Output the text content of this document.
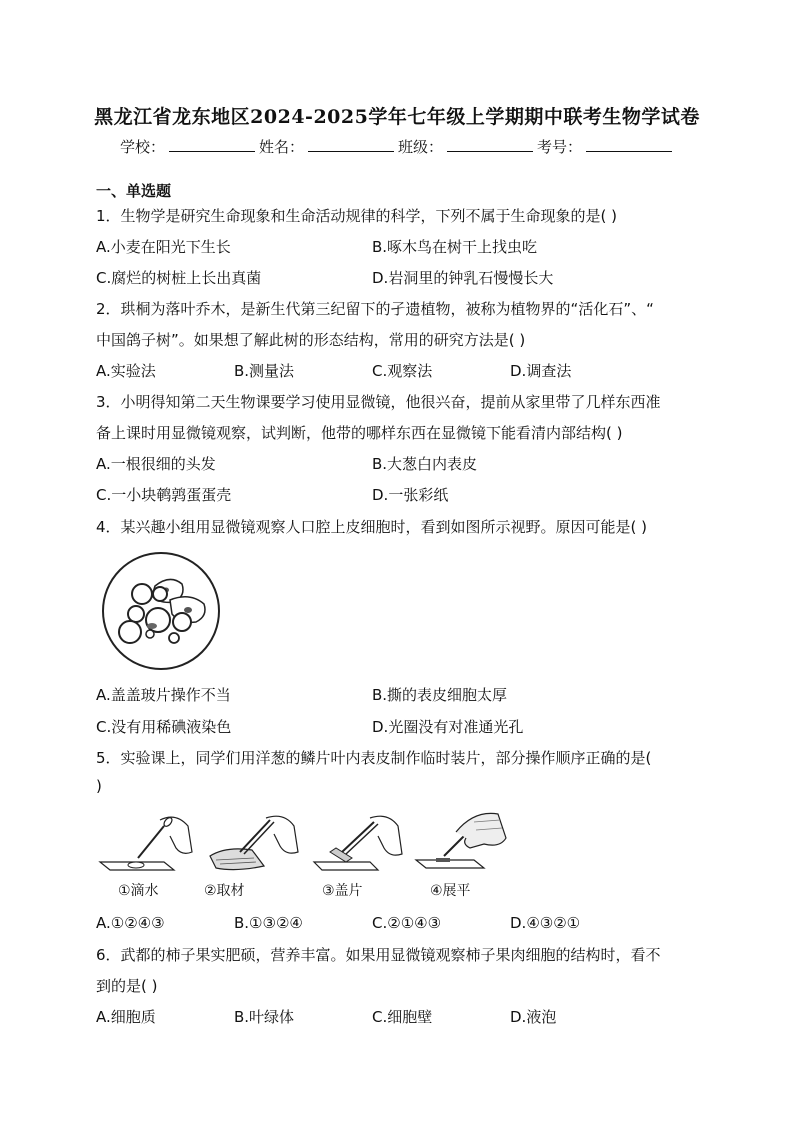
黑龙江省龙东地区2024-2025学年七年级上学期期中联考生物学试卷
学校：	姓名：	班级：	考号：
一、单选题
1．生物学是研究生命现象和生命活动规律的科学，下列不属于生命现象的是( )
A.小麦在阳光下生长	B.啄木鸟在树干上找虫吃
C.腐烂的树桩上长出真菌	D.岩洞里的钟乳石慢慢长大
2．珙桐为落叶乔木，是新生代第三纪留下的孑遗植物，被称为植物界的“活化石”、“
中国鸽子树”。如果想了解此树的形态结构，常用的研究方法是( )
A.实验法	B.测量法	C.观察法	D.调查法
3．小明得知第二天生物课要学习使用显微镜，他很兴奋，提前从家里带了几样东西准
备上课时用显微镜观察，试判断，他带的哪样东西在显微镜下能看清内部结构( )
A.一根很细的头发	B.大葱白内表皮
C.一小块鹌鹑蛋蛋壳	D.一张彩纸
4．某兴趣小组用显微镜观察人口腔上皮细胞时，看到如图所示视野。原因可能是( )
A.盖盖玻片操作不当	B.撕的表皮细胞太厚
C.没有用稀碘液染色	D.光圈没有对准通光孔
5．实验课上，同学们用洋葱的鳞片叶内表皮制作临时装片，部分操作顺序正确的是(
)
①滴水	②取材	③盖片	④展平
A.①②④③	B.①③②④	C.②①④③	D.④③②①
6．武都的柿子果实肥硕，营养丰富。如果用显微镜观察柿子果肉细胞的结构时，看不
到的是( )
A.细胞质	B.叶绿体	C.细胞壁	D.液泡
